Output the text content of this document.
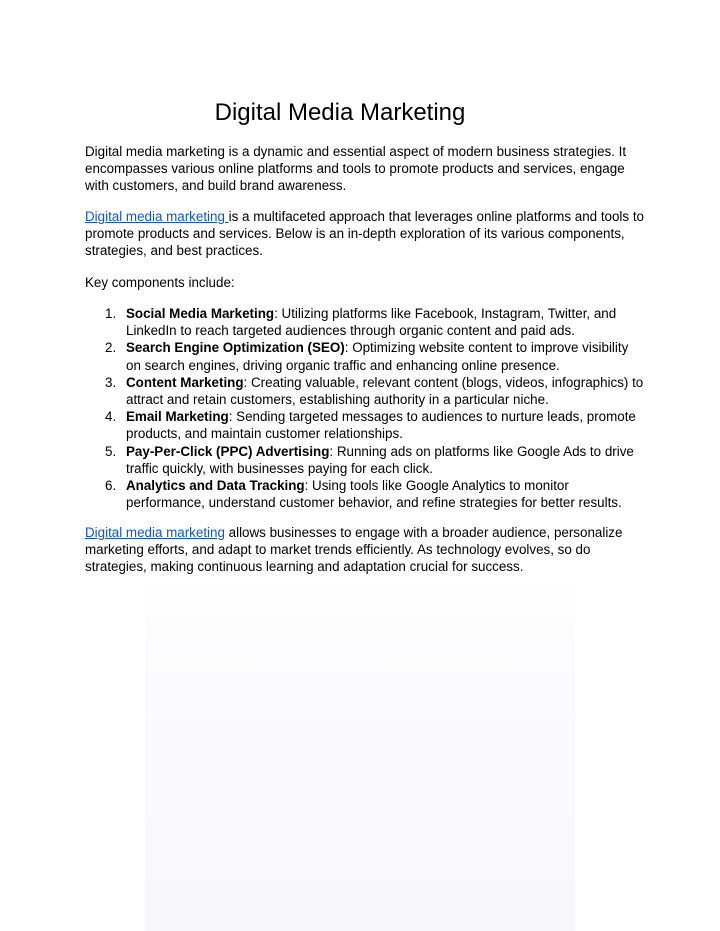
Digital Media Marketing

Digital media marketing is a dynamic and essential aspect of modern business strategies. It encompasses various online platforms and tools to promote products and services, engage with customers, and build brand awareness.

Digital media marketing is a multifaceted approach that leverages online platforms and tools to promote products and services. Below is an in-depth exploration of its various components, strategies, and best practices.

Key components include:

1. Social Media Marketing: Utilizing platforms like Facebook, Instagram, Twitter, and LinkedIn to reach targeted audiences through organic content and paid ads.
2. Search Engine Optimization (SEO): Optimizing website content to improve visibility on search engines, driving organic traffic and enhancing online presence.
3. Content Marketing: Creating valuable, relevant content (blogs, videos, infographics) to attract and retain customers, establishing authority in a particular niche.
4. Email Marketing: Sending targeted messages to audiences to nurture leads, promote products, and maintain customer relationships.
5. Pay-Per-Click (PPC) Advertising: Running ads on platforms like Google Ads to drive traffic quickly, with businesses paying for each click.
6. Analytics and Data Tracking: Using tools like Google Analytics to monitor performance, understand customer behavior, and refine strategies for better results.

Digital media marketing allows businesses to engage with a broader audience, personalize marketing efforts, and adapt to market trends efficiently. As technology evolves, so do strategies, making continuous learning and adaptation crucial for success.
